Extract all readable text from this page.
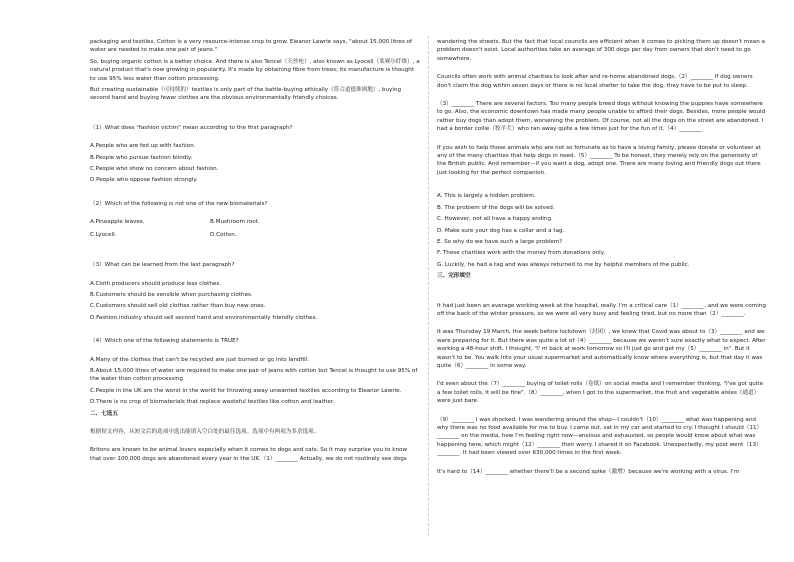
packaging and textiles. Cotton is a very resource-intense crop to grow. Eleanor Lawrie says, "about 15,000 litres of water are needed to make one pair of jeans."

So, buying organic cotton is a better choice. And there is also Tencel（天丝纶）, also known as Lyocell（莱赛尔纤维）, a natural product that's now growing in popularity. It's made by obtaining fibre from trees; its manufacture is thought to use 95% less water than cotton processing.

But creating sustainable（可持续的）textiles is only part of the battle-buying ethically（符合道德准则地）, buying second hand and buying fewer clothes are the obvious environmentally friendly choices.

（1）What does "fashion victim" mean according to the first paragraph?

A.People who are fed up with fashion.

B.People who pursue fashion blindly.

C.People who show no concern about fashion.

D.People who oppose fashion strongly.

（2）Which of the following is not one of the new biomaterials?

A.Pineapple leaves.	B.Mushroom root.
C.Lyocell.	D.Cotton.

（3）What can be learned from the last paragraph?

A.Cloth producers should produce less clothes.

B.Customers should be sensible when purchasing clothes.

C.Customers should sell old clothes rather than buy new ones.

D.Fashion industry should sell second hand and environmentally friendly clothes.

（4）Which one of the following statements is TRUE?

A.Many of the clothes that can't be recycled are just burned or go into landfill.

B.About 15,000 litres of water are required to make one pair of jeans with cotton but Tencel is thought to use 95% of the water than cotton processing.

C.People in the UK are the worst in the world for throwing away unwanted textiles according to Eleanor Lawrie.

D.There is no crop of biomaterials that replace wasteful textiles like cotton and leather.

二、七选五

根据短文内容，从短文后的选项中选出能填入空白处的最佳选项。选项中有两项为多余选项。

Britons are known to be animal lovers especially when it comes to dogs and cats. So it may surprise you to know that over 100,000 dogs are abandoned every year in the UK.（1）________ Actually, we do not routinely see dogs

wandering the streets. But the fact that local councils are efficient when it comes to picking them up doesn't mean a problem doesn't exist. Local authorities take an average of 300 dogs per day from owners that don't need to go somewhere.

Councils often work with animal charities to look after and re-home abandoned dogs.（2）________ If dog owners don't claim the dog within seven days or there is no local shelter to take the dog, they have to be put to sleep.

（3）________ There are several factors. Too many people breed dogs without knowing the puppies have somewhere to go. Also, the economic downtown has made many people unable to afford their dogs. Besides, more people would rather buy dogs than adopt them, worsening the problem. Of course, not all the dogs on the street are abandoned. I had a border collie（牧羊犬）who ran away quite a few times just for the fun of it.（4）________

If you wish to help those animals who are not so fortunate as to have a loving family, please donate or volunteer at any of the many charities that help dogs in need.（5）________ To be honest, they merely rely on the generosity of the British public. And remember—if you want a dog, adopt one. There are many loving and friendly dogs out there just looking for the perfect companion.

A. This is largely a hidden problem.

B. The problem of the dogs will be solved.

C. However, not all have a happy ending.

D. Make sure your dog has a collar and a tag.

E. So why do we have such a large problem?

F. These charities work with the money from donations only.

G. Luckily, he had a tag and was always returned to me by helpful members of the public.

三、完形填空

It had just been an average working week at the hospital, really. I'm a critical care（1）________, and we were coming off the back of the winter pressure, so we were all very busy and feeling tired, but no more than（2）________.

It was Thursday 19 March, the week before lockdown（封闭）, we knew that Covid was about to（3）________ and we were preparing for it. But there was quite a lot of（4）________ because we weren't sure exactly what to expect. After working a 48-hour shift, I thought, "I' m back at work tomorrow so I'll just go and get my（5）________ in". But it wasn't to be. You walk into your usual supermarket and automatically know where everything is, but that day it was quite（6）________ in some way.

I'd seen about the（7）________ buying of toilet rolls（卷纸）on social media and I remember thinking, "I've got quite a few toilet rolls, it will be fine".（8）________, when I got to the supermarket, the fruit and vegetable aisles（通道）were just bare.

（9）________ I was shocked. I was wandering around the shop—I couldn't（10）________ what was happening and why there was no food available for me to buy. I came out, sat in my car and started to cry. I thought I should（11）________ on the media, how I'm feeling right now—anxious and exhausted, so people would know about what was happening here, which might（12）________ their worry. I shared it on Facebook. Unexpectedly, my post went（13）________. It had been viewed over 630,000 times in the first week.

It's hard to（14）________ whether there'll be a second spike（激增）because we're working with a virus. I'm
